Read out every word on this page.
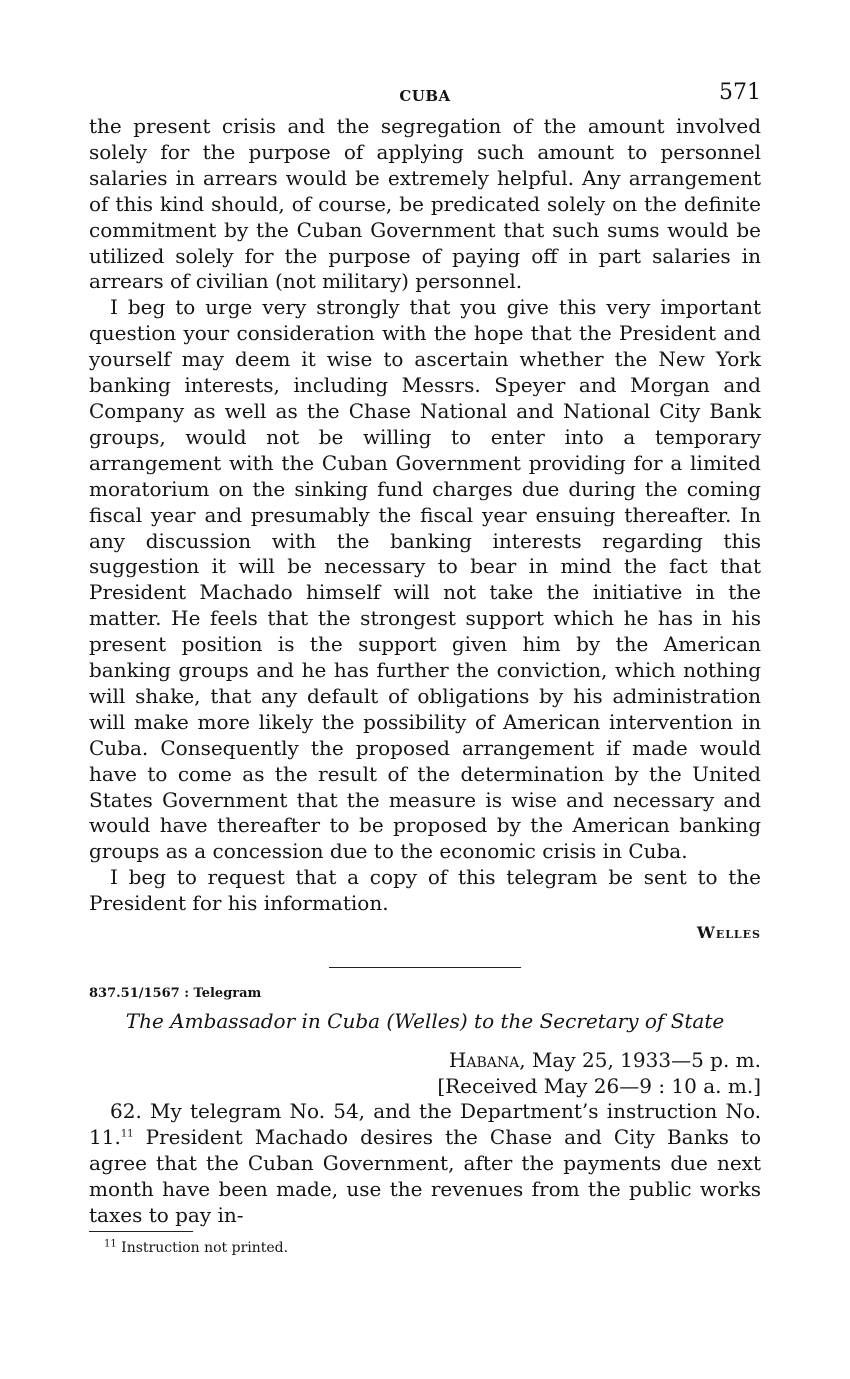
CUBA	571

the present crisis and the segregation of the amount involved solely for the purpose of applying such amount to personnel salaries in arrears would be extremely helpful. Any arrangement of this kind should, of course, be predicated solely on the definite commitment by the Cuban Government that such sums would be utilized solely for the purpose of paying off in part salaries in arrears of civilian (not military) personnel.

I beg to urge very strongly that you give this very important question your consideration with the hope that the President and yourself may deem it wise to ascertain whether the New York banking interests, including Messrs. Speyer and Morgan and Company as well as the Chase National and National City Bank groups, would not be willing to enter into a temporary arrangement with the Cuban Government providing for a limited moratorium on the sinking fund charges due during the coming fiscal year and presumably the fiscal year ensuing thereafter. In any discussion with the banking interests regarding this suggestion it will be necessary to bear in mind the fact that President Machado himself will not take the initiative in the matter. He feels that the strongest support which he has in his present position is the support given him by the American banking groups and he has further the conviction, which nothing will shake, that any default of obligations by his administration will make more likely the possibility of American intervention in Cuba. Consequently the proposed arrangement if made would have to come as the result of the determination by the United States Government that the measure is wise and necessary and would have thereafter to be proposed by the American banking groups as a concession due to the economic crisis in Cuba.

I beg to request that a copy of this telegram be sent to the President for his information.

Welles
837.51/1567 : Telegram
The Ambassador in Cuba (Welles) to the Secretary of State
Habana, May 25, 1933—5 p. m.
[Received May 26—9 : 10 a. m.]

62. My telegram No. 54, and the Department’s instruction No. 11.11 President Machado desires the Chase and City Banks to agree that the Cuban Government, after the payments due next month have been made, use the revenues from the public works taxes to pay in-

$^{11}$ Instruction not printed.
